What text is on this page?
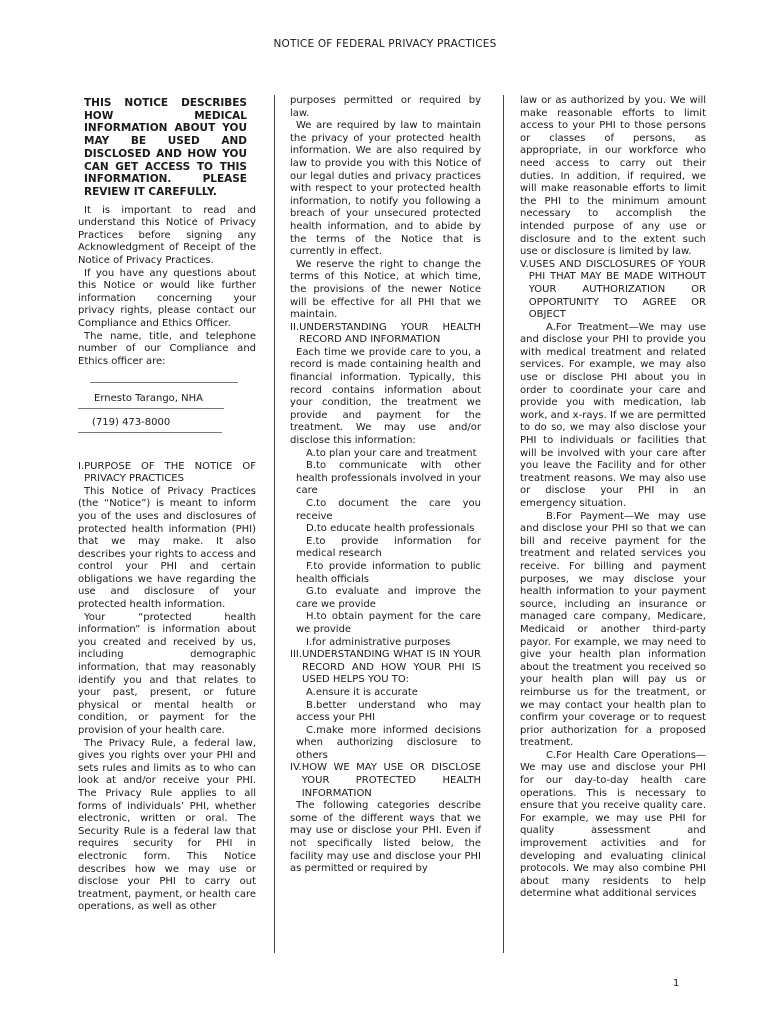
NOTICE OF FEDERAL PRIVACY PRACTICES
THIS NOTICE DESCRIBES HOW MEDICAL INFORMATION ABOUT YOU MAY BE USED AND DISCLOSED AND HOW YOU CAN GET ACCESS TO THIS INFORMATION. PLEASE REVIEW IT CAREFULLY.

It is important to read and understand this Notice of Privacy Practices before signing any Acknowledgment of Receipt of the Notice of Privacy Practices.

If you have any questions about this Notice or would like further information concerning your privacy rights, please contact our Compliance and Ethics Officer.

The name, title, and telephone number of our Compliance and Ethics officer are:

Ernesto Tarango, NHA
(719) 473-8000
I. PURPOSE OF THE NOTICE OF PRIVACY PRACTICES

This Notice of Privacy Practices (the “Notice”) is meant to inform you of the uses and disclosures of protected health information (PHI) that we may make. It also describes your rights to access and control your PHI and certain obligations we have regarding the use and disclosure of your protected health information.

Your “protected health information” is information about you created and received by us, including demographic information, that may reasonably identify you and that relates to your past, present, or future physical or mental health or condition, or payment for the provision of your health care.

The Privacy Rule, a federal law, gives you rights over your PHI and sets rules and limits as to who can look at and/or receive your PHI. The Privacy Rule applies to all forms of individuals’ PHI, whether electronic, written or oral. The Security Rule is a federal law that requires security for PHI in electronic form. This Notice describes how we may use or disclose your PHI to carry out treatment, payment, or health care operations, as well as other

purposes permitted or required by law.

We are required by law to maintain the privacy of your protected health information. We are also required by law to provide you with this Notice of our legal duties and privacy practices with respect to your protected health information, to notify you following a breach of your unsecured protected health information, and to abide by the terms of the Notice that is currently in effect.

We reserve the right to change the terms of this Notice, at which time, the provisions of the newer Notice will be effective for all PHI that we maintain.

II. UNDERSTANDING YOUR HEALTH RECORD AND INFORMATION

Each time we provide care to you, a record is made containing health and financial information. Typically, this record contains information about your condition, the treatment we provide and payment for the treatment. We may use and/or disclose this information:

A.to plan your care and treatment
B.to communicate with other health professionals involved in your care
C.to document the care you receive
D.to educate health professionals
E.to provide information for medical research
F.to provide information to public health officials
G.to evaluate and improve the care we provide
H.to obtain payment for the care we provide
I.for administrative purposes
III. UNDERSTANDING WHAT IS IN YOUR RECORD AND HOW YOUR PHI IS USED HELPS YOU TO:
A.ensure it is accurate
B.better understand who may access your PHI
C.make more informed decisions when authorizing disclosure to others
IV. HOW WE MAY USE OR DISCLOSE YOUR PROTECTED HEALTH INFORMATION

The following categories describe some of the different ways that we may use or disclose your PHI. Even if not specifically listed below, the facility may use and disclose your PHI as permitted or required by

law or as authorized by you. We will make reasonable efforts to limit access to your PHI to those persons or classes of persons, as appropriate, in our workforce who need access to carry out their duties. In addition, if required, we will make reasonable efforts to limit the PHI to the minimum amount necessary to accomplish the intended purpose of any use or disclosure and to the extent such use or disclosure is limited by law.

V. USES AND DISCLOSURES OF YOUR PHI THAT MAY BE MADE WITHOUT YOUR AUTHORIZATION OR OPPORTUNITY TO AGREE OR OBJECT
A.For Treatment—We may use and disclose your PHI to provide you with medical treatment and related services. For example, we may also use or disclose PHI about you in order to coordinate your care and provide you with medication, lab work, and x-rays. If we are permitted to do so, we may also disclose your PHI to individuals or facilities that will be involved with your care after you leave the Facility and for other treatment reasons. We may also use or disclose your PHI in an emergency situation.
B.For Payment—We may use and disclose your PHI so that we can bill and receive payment for the treatment and related services you receive. For billing and payment purposes, we may disclose your health information to your payment source, including an insurance or managed care company, Medicare, Medicaid or another third-party payor. For example, we may need to give your health plan information about the treatment you received so your health plan will pay us or reimburse us for the treatment, or we may contact your health plan to confirm your coverage or to request prior authorization for a proposed treatment.
C.For Health Care Operations—We may use and disclose your PHI for our day-to-day health care operations. This is necessary to ensure that you receive quality care. For example, we may use PHI for quality assessment and improvement activities and for developing and evaluating clinical protocols. We may also combine PHI about many residents to help determine what additional services
1
